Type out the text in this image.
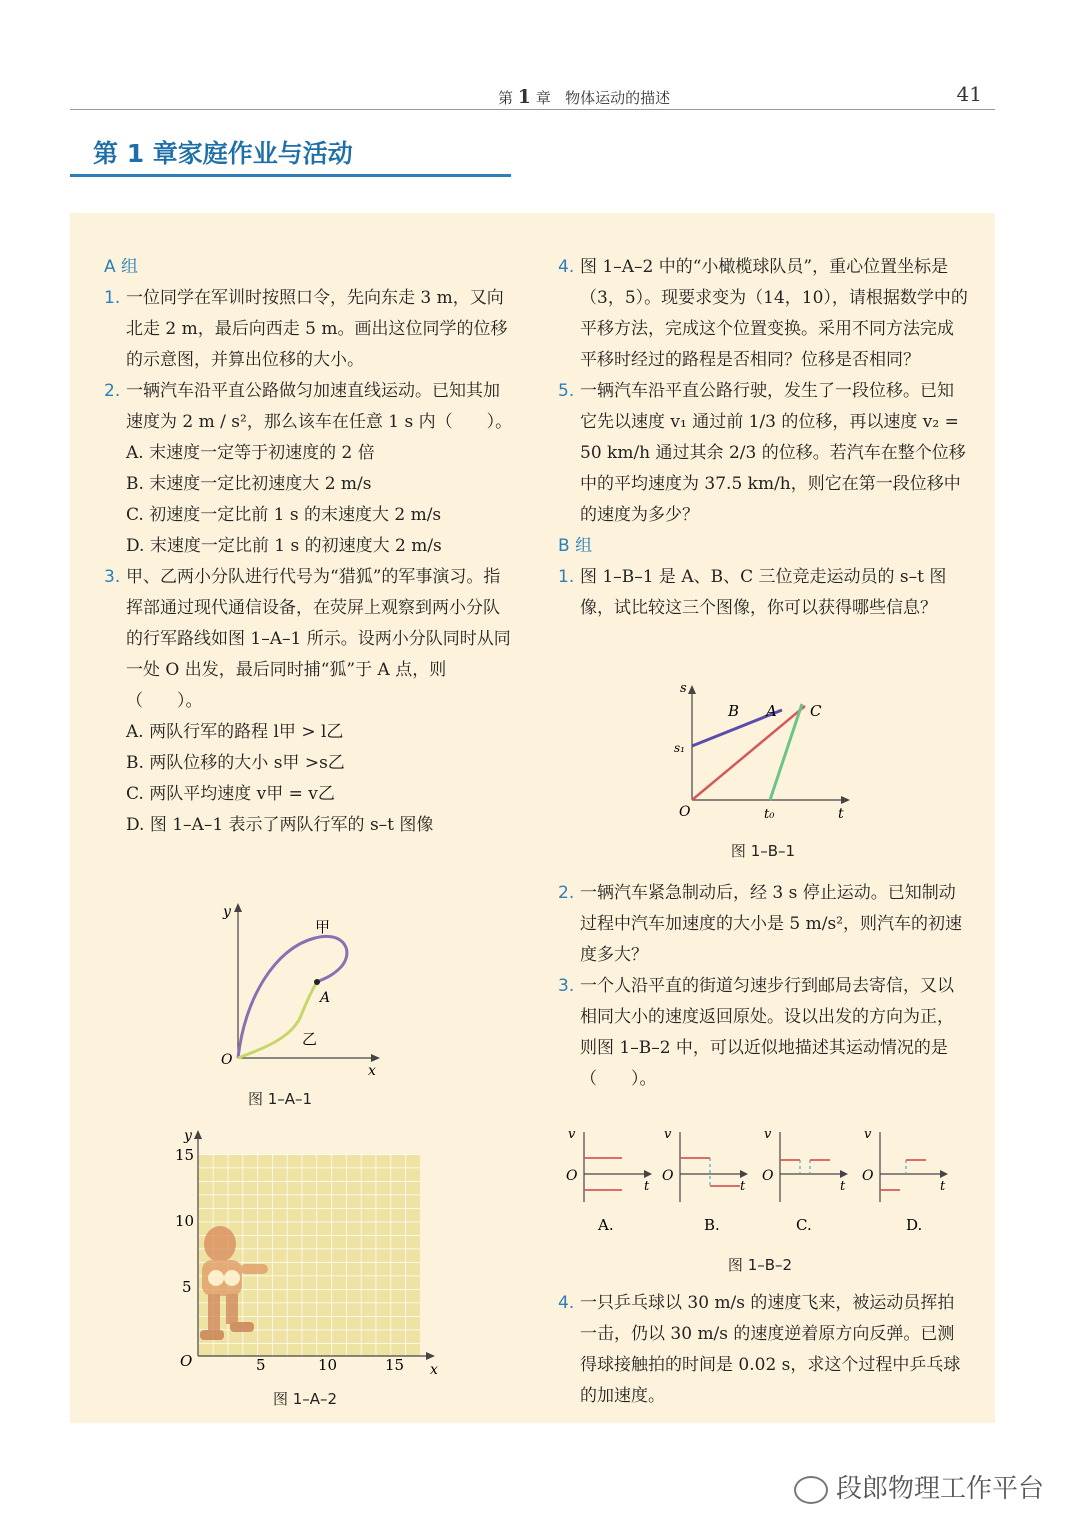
第 1 章 物体运动的描述	41
第 1 章家庭作业与活动
A 组
1. 一位同学在军训时按照口令，先向东走 3 m，又向北走 2 m，最后向西走 5 m。画出这位同学的位移的示意图，并算出位移的大小。
2. 一辆汽车沿平直公路做匀加速直线运动。已知其加速度为 2 m / s²，那么该车在任意 1 s 内（　　）。
A. 末速度一定等于初速度的 2 倍
B. 末速度一定比初速度大 2 m/s
C. 初速度一定比前 1 s 的末速度大 2 m/s
D. 末速度一定比前 1 s 的初速度大 2 m/s
3. 甲、乙两小分队进行代号为“猎狐”的军事演习。指挥部通过现代通信设备，在荧屏上观察到两小分队的行军路线如图 1–A–1 所示。设两小分队同时从同一处 O 出发，最后同时捕“狐”于 A 点，则（　　）。
A. 两队行军的路程 l甲 > l乙
B. 两队位移的大小 s甲 >s乙
C. 两队平均速度 v甲 = v乙
D. 图 1–A–1 表示了两队行军的 s–t 图像
y
x
O
甲
乙
A
图 1–A–1
15
10
5
5	10	15
y
x
O
图 1–A–2
4. 图 1–A–2 中的“小橄榄球队员”，重心位置坐标是（3，5）。现要求变为（14，10），请根据数学中的平移方法，完成这个位置变换。采用不同方法完成平移时经过的路程是否相同？位移是否相同？
5. 一辆汽车沿平直公路行驶，发生了一段位移。已知它先以速度 v₁ 通过前 1/3 的位移，再以速度 v₂ = 50 km/h 通过其余 2/3 的位移。若汽车在整个位移中的平均速度为 37.5 km/h，则它在第一段位移中的速度为多少？
B 组
1. 图 1–B–1 是 A、B、C 三位竞走运动员的 s–t 图像，试比较这三个图像，你可以获得哪些信息？
s
t
O
s₁
t₀
B A C
图 1–B–1
2. 一辆汽车紧急制动后，经 3 s 停止运动。已知制动过程中汽车加速度的大小是 5 m/s²，则汽车的初速度多大？
3. 一个人沿平直的街道匀速步行到邮局去寄信，又以相同大小的速度返回原处。设以出发的方向为正，则图 1–B–2 中，可以近似地描述其运动情况的是（　　）。
v
O
t
A.
v
O
t
B.
v
O
t
C.
v
O
t
D.
图 1–B–2
4. 一只乒乓球以 30 m/s 的速度飞来，被运动员挥拍一击，仍以 30 m/s 的速度逆着原方向反弹。已测得球接触拍的时间是 0.02 s，求这个过程中乒乓球的加速度。
段郎物理工作平台
